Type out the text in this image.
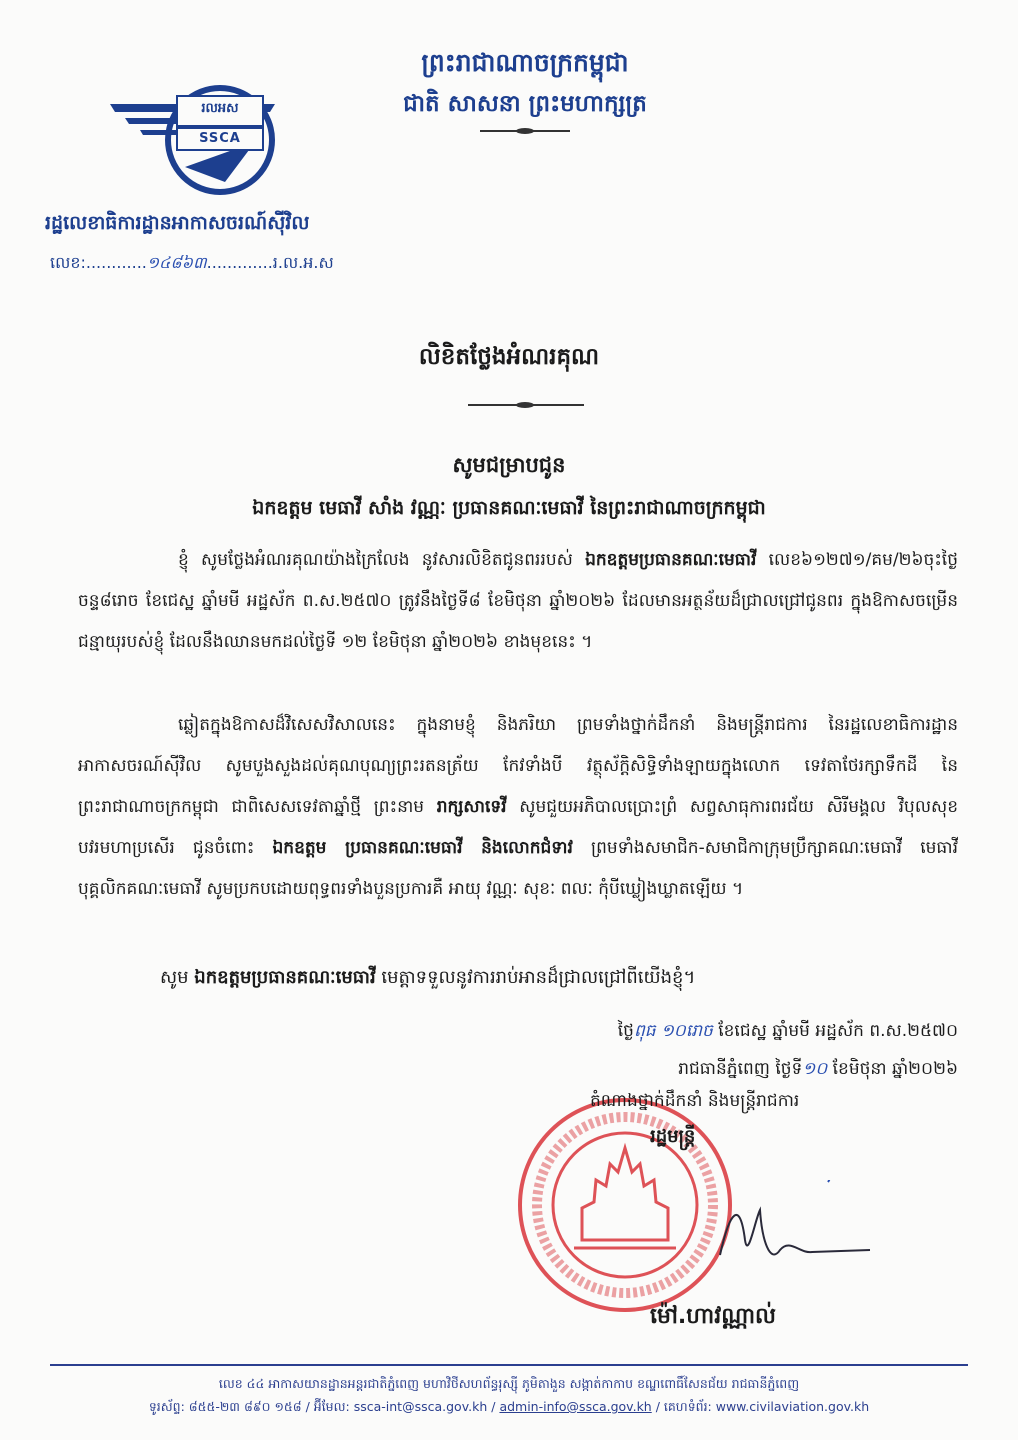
ព្រះរាជាណាចក្រកម្ពុជា
ជាតិ សាសនា ព្រះមហាក្សត្រ
រលអស
SSCA
រដ្ឋលេខាធិការដ្ឋានអាកាសចរណ៍ស៊ីវិល
លេខ:............១៤៨៦៣.............រ.ល.អ.ស
លិខិតថ្លែងអំណរគុណ
សូមជម្រាបជូន
ឯកឧត្តម មេធាវី សាំង វណ្ណៈ ប្រធានគណៈមេធាវី នៃព្រះរាជាណាចក្រកម្ពុជា
ខ្ញុំ សូមថ្លែងអំណរគុណយ៉ាងក្រៃលែង នូវសារលិខិតជូនពររបស់ ឯកឧត្តមប្រធានគណៈមេធាវី លេខ៦១២៧១/គម/២៦ចុះថ្ងៃចន្ទ៨រោច ខែជេស្ឋ ឆ្នាំមមី អដ្ឋស័ក ព.ស.២៥៧០ ត្រូវនឹងថ្ងៃទី៨ ខែមិថុនា ឆ្នាំ២០២៦ ដែលមានអត្ថន័យដ៏ជ្រាលជ្រៅជូនពរ ក្នុងឱកាសចម្រើនជន្មាយុរបស់ខ្ញុំ ដែលនឹងឈានមកដល់ថ្ងៃទី ១២ ខែមិថុនា ឆ្នាំ២០២៦ ខាងមុខនេះ ។
ឆ្លៀតក្នុងឱកាសដ៏វិសេសវិសាលនេះ ក្នុងនាមខ្ញុំ និងភរិយា ព្រមទាំងថ្នាក់ដឹកនាំ និងមន្ត្រីរាជការ នៃរដ្ឋលេខាធិការដ្ឋានអាកាសចរណ៍ស៊ីវិល សូមបួងសួងដល់គុណបុណ្យព្រះរតនត្រ័យ កែវទាំងបី វត្ថុស័ក្តិសិទ្ធិទាំងឡាយក្នុងលោក ទេវតាថែរក្សាទឹកដី នៃព្រះរាជាណាចក្រកម្ពុជា ជាពិសេសទេវតាឆ្នាំថ្មី ព្រះនាម រាក្សសាទេវី សូមជួយអភិបាលប្រោះព្រំ សព្វសាធុការពរជ័យ សិរីមង្គល វិបុលសុខ បវរមហាប្រសើរ ជូនចំពោះ ឯកឧត្តម ប្រធានគណៈមេធាវី និងលោកជំទាវ ព្រមទាំងសមាជិក-សមាជិកាក្រុមប្រឹក្សាគណៈមេធាវី មេធាវី បុគ្គលិកគណៈមេធាវី សូមប្រកបដោយពុទ្ធពរទាំងបួនប្រការគឺ អាយុ វណ្ណៈ សុខៈ ពលៈ កុំបីឃ្លៀងឃ្លាតឡើយ ។
សូម ឯកឧត្តមប្រធានគណៈមេធាវី មេត្តាទទួលនូវការរាប់អានដ៏ជ្រាលជ្រៅពីយើងខ្ញុំ។
ថ្ងៃពុធ ១០រោច ខែជេស្ឋ ឆ្នាំមមី អដ្ឋស័ក ព.ស.២៥៧០
រាជធានីភ្នំពេញ ថ្ងៃទី១០ ខែមិថុនា ឆ្នាំ២០២៦
តំណាងថ្នាក់ដឹកនាំ និងមន្ត្រីរាជការ
រដ្ឋមន្ត្រី
ម៉ៅ.ហាវណ្ណាល់
លេខ ៤៤ អាកាសយានដ្ឋានអន្តរជាតិភ្នំពេញ មហាវិថីសហព័ន្ធរុស្ស៊ី ភូមិតាងួន សង្កាត់កាកាប ខណ្ឌពោធិ៍សែនជ័យ រាជធានីភ្នំពេញ
ទូរស័ព្ទ: ៨៥៥-២៣ ៨៩០ ១៥៨ / អ៊ីមែល: ssca-int@ssca.gov.kh / admin-info@ssca.gov.kh / គេហទំព័រ: www.civilaviation.gov.kh
